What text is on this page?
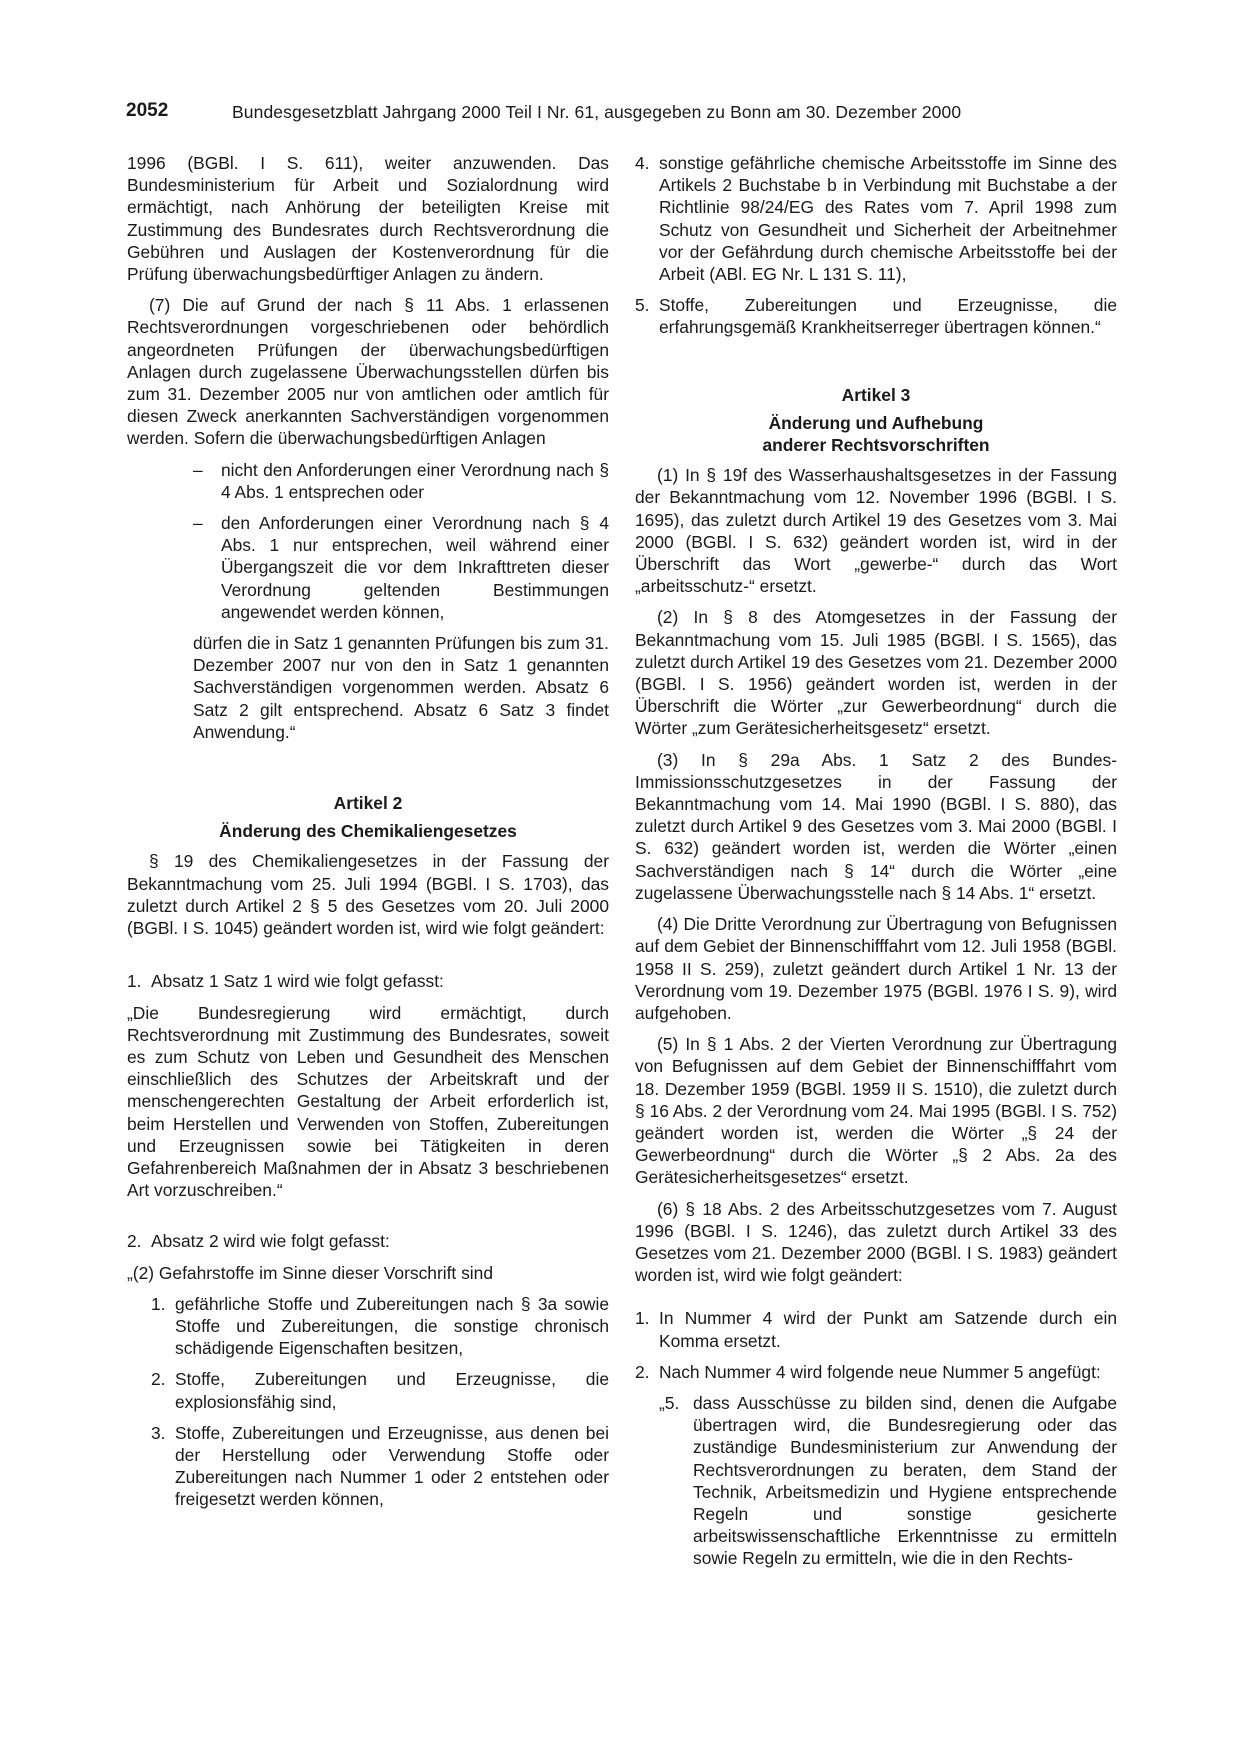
2052	Bundesgesetzblatt Jahrgang 2000 Teil I Nr. 61, ausgegeben zu Bonn am 30. Dezember 2000

1996 (BGBl. I S. 611), weiter anzuwenden. Das Bundesministerium für Arbeit und Sozialordnung wird ermächtigt, nach Anhörung der beteiligten Kreise mit Zustimmung des Bundesrates durch Rechtsverordnung die Gebühren und Auslagen der Kostenverordnung für die Prüfung überwachungsbedürftiger Anlagen zu ändern.

(7) Die auf Grund der nach § 11 Abs. 1 erlassenen Rechtsverordnungen vorgeschriebenen oder behördlich angeordneten Prüfungen der überwachungsbedürftigen Anlagen durch zugelassene Überwachungsstellen dürfen bis zum 31. Dezember 2005 nur von amtlichen oder amtlich für diesen Zweck anerkannten Sachverständigen vorgenommen werden. Sofern die überwachungsbedürftigen Anlagen

–	nicht den Anforderungen einer Verordnung nach § 4 Abs. 1 entsprechen oder
–	den Anforderungen einer Verordnung nach § 4 Abs. 1 nur entsprechen, weil während einer Übergangszeit die vor dem Inkrafttreten dieser Verordnung geltenden Bestimmungen angewendet werden können,

dürfen die in Satz 1 genannten Prüfungen bis zum 31. Dezember 2007 nur von den in Satz 1 genannten Sachverständigen vorgenommen werden. Absatz 6 Satz 2 gilt entsprechend. Absatz 6 Satz 3 findet Anwendung.“

Artikel 2
Änderung des Chemikaliengesetzes

§ 19 des Chemikaliengesetzes in der Fassung der Bekanntmachung vom 25. Juli 1994 (BGBl. I S. 1703), das zuletzt durch Artikel 2 § 5 des Gesetzes vom 20. Juli 2000 (BGBl. I S. 1045) geändert worden ist, wird wie folgt geändert:

1. Absatz 1 Satz 1 wird wie folgt gefasst:

„Die Bundesregierung wird ermächtigt, durch Rechtsverordnung mit Zustimmung des Bundesrates, soweit es zum Schutz von Leben und Gesundheit des Menschen einschließlich des Schutzes der Arbeitskraft und der menschengerechten Gestaltung der Arbeit erforderlich ist, beim Herstellen und Verwenden von Stoffen, Zubereitungen und Erzeugnissen sowie bei Tätigkeiten in deren Gefahrenbereich Maßnahmen der in Absatz 3 beschriebenen Art vorzuschreiben.“

2. Absatz 2 wird wie folgt gefasst:

„(2) Gefahrstoffe im Sinne dieser Vorschrift sind

1. gefährliche Stoffe und Zubereitungen nach § 3a sowie Stoffe und Zubereitungen, die sonstige chronisch schädigende Eigenschaften besitzen,
2. Stoffe, Zubereitungen und Erzeugnisse, die explosionsfähig sind,
3. Stoffe, Zubereitungen und Erzeugnisse, aus denen bei der Herstellung oder Verwendung Stoffe oder Zubereitungen nach Nummer 1 oder 2 entstehen oder freigesetzt werden können,
4. sonstige gefährliche chemische Arbeitsstoffe im Sinne des Artikels 2 Buchstabe b in Verbindung mit Buchstabe a der Richtlinie 98/24/EG des Rates vom 7. April 1998 zum Schutz von Gesundheit und Sicherheit der Arbeitnehmer vor der Gefährdung durch chemische Arbeitsstoffe bei der Arbeit (ABl. EG Nr. L 131 S. 11),
5. Stoffe, Zubereitungen und Erzeugnisse, die erfahrungsgemäß Krankheitserreger übertragen können.“
Artikel 3
Änderung und Aufhebung
anderer Rechtsvorschriften

(1) In § 19f des Wasserhaushaltsgesetzes in der Fassung der Bekanntmachung vom 12. November 1996 (BGBl. I S. 1695), das zuletzt durch Artikel 19 des Gesetzes vom 3. Mai 2000 (BGBl. I S. 632) geändert worden ist, wird in der Überschrift das Wort „gewerbe-“ durch das Wort „arbeitsschutz-“ ersetzt.

(2) In § 8 des Atomgesetzes in der Fassung der Bekanntmachung vom 15. Juli 1985 (BGBl. I S. 1565), das zuletzt durch Artikel 19 des Gesetzes vom 21. Dezember 2000 (BGBl. I S. 1956) geändert worden ist, werden in der Überschrift die Wörter „zur Gewerbeordnung“ durch die Wörter „zum Gerätesicherheitsgesetz“ ersetzt.

(3) In § 29a Abs. 1 Satz 2 des Bundes-Immissionsschutzgesetzes in der Fassung der Bekanntmachung vom 14. Mai 1990 (BGBl. I S. 880), das zuletzt durch Artikel 9 des Gesetzes vom 3. Mai 2000 (BGBl. I S. 632) geändert worden ist, werden die Wörter „einen Sachverständigen nach § 14“ durch die Wörter „eine zugelassene Überwachungsstelle nach § 14 Abs. 1“ ersetzt.

(4) Die Dritte Verordnung zur Übertragung von Befugnissen auf dem Gebiet der Binnenschifffahrt vom 12. Juli 1958 (BGBl. 1958 II S. 259), zuletzt geändert durch Artikel 1 Nr. 13 der Verordnung vom 19. Dezember 1975 (BGBl. 1976 I S. 9), wird aufgehoben.

(5) In § 1 Abs. 2 der Vierten Verordnung zur Übertragung von Befugnissen auf dem Gebiet der Binnenschifffahrt vom 18. Dezember 1959 (BGBl. 1959 II S. 1510), die zuletzt durch § 16 Abs. 2 der Verordnung vom 24. Mai 1995 (BGBl. I S. 752) geändert worden ist, werden die Wörter „§ 24 der Gewerbeordnung“ durch die Wörter „§ 2 Abs. 2a des Gerätesicherheitsgesetzes“ ersetzt.

(6) § 18 Abs. 2 des Arbeitsschutzgesetzes vom 7. August 1996 (BGBl. I S. 1246), das zuletzt durch Artikel 33 des Gesetzes vom 21. Dezember 2000 (BGBl. I S. 1983) geändert worden ist, wird wie folgt geändert:

1. In Nummer 4 wird der Punkt am Satzende durch ein Komma ersetzt.
2. Nach Nummer 4 wird folgende neue Nummer 5 angefügt:
„5. dass Ausschüsse zu bilden sind, denen die Aufgabe übertragen wird, die Bundesregierung oder das zuständige Bundesministerium zur Anwendung der Rechtsverordnungen zu beraten, dem Stand der Technik, Arbeitsmedizin und Hygiene entsprechende Regeln und sonstige gesicherte arbeitswissenschaftliche Erkenntnisse zu ermitteln sowie Regeln zu ermitteln, wie die in den Rechts-
